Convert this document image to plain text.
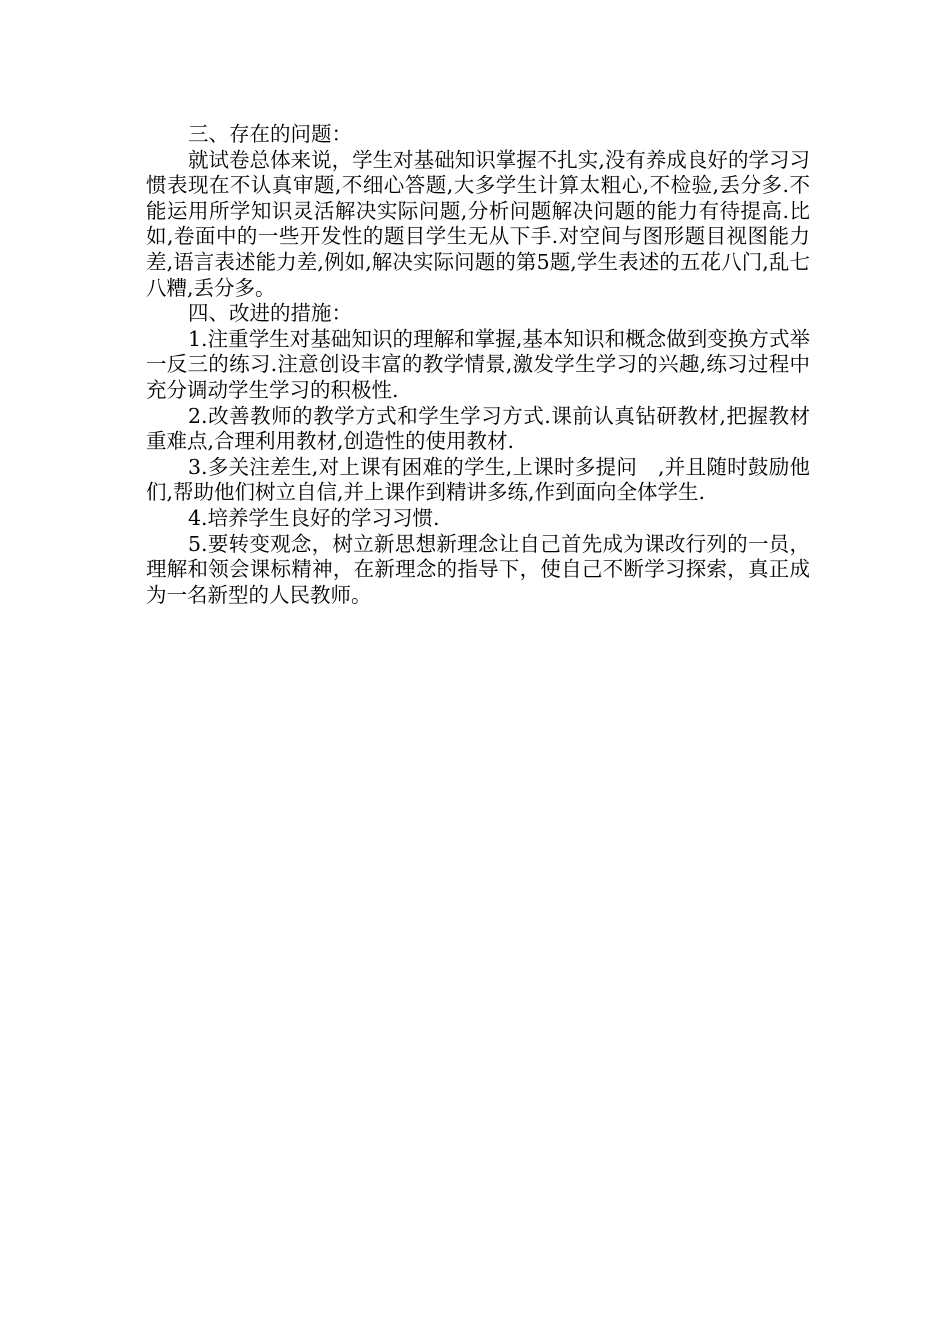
三、存在的问题：

就试卷总体来说，学生对基础知识掌握不扎实,没有养成良好的学习习惯表现在不认真审题,不细心答题,大多学生计算太粗心,不检验,丢分多.不能运用所学知识灵活解决实际问题,分析问题解决问题的能力有待提高.比如,卷面中的一些开发性的题目学生无从下手.对空间与图形题目视图能力差,语言表述能力差,例如,解决实际问题的第5题,学生表述的五花八门,乱七八糟,丢分多。

四、改进的措施：

1.注重学生对基础知识的理解和掌握,基本知识和概念做到变换方式举一反三的练习.注意创设丰富的教学情景,激发学生学习的兴趣,练习过程中充分调动学生学习的积极性.

2.改善教师的教学方式和学生学习方式.课前认真钻研教材,把握教材重难点,合理利用教材,创造性的使用教材.

3.多关注差生,对上课有困难的学生,上课时多提问　,并且随时鼓励他们,帮助他们树立自信,并上课作到精讲多练,作到面向全体学生.

4.培养学生良好的学习习惯.

5.要转变观念，树立新思想新理念让自己首先成为课改行列的一员，理解和领会课标精神，在新理念的指导下，使自己不断学习探索，真正成为一名新型的人民教师。
